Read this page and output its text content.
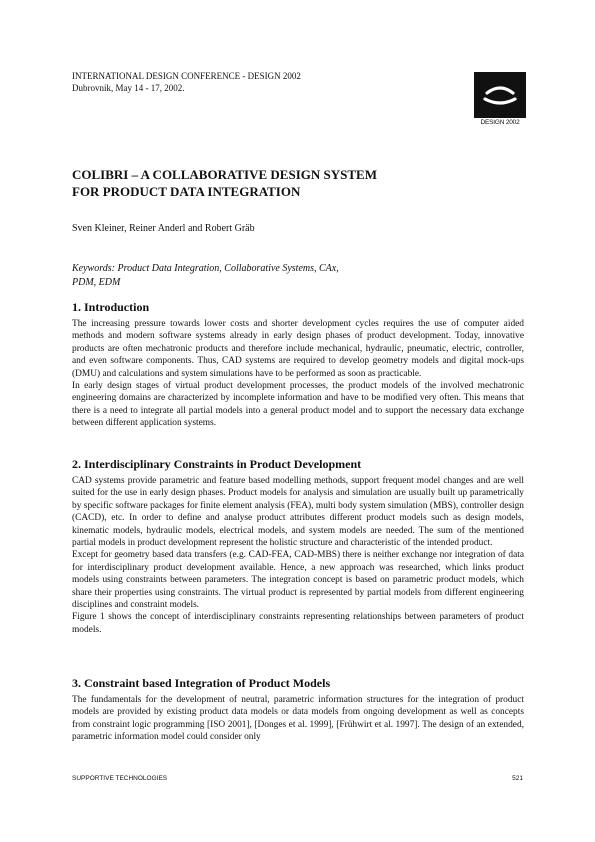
INTERNATIONAL DESIGN CONFERENCE - DESIGN 2002
Dubrovnik, May 14 - 17, 2002.
DESIGN 2002
COLIBRI – A COLLABORATIVE DESIGN SYSTEM
FOR PRODUCT DATA INTEGRATION
Sven Kleiner, Reiner Anderl and Robert Gräb
Keywords: Product Data Integration, Collaborative Systems, CAx,
PDM, EDM
1. Introduction

The increasing pressure towards lower costs and shorter development cycles requires the use of computer aided methods and modern software systems already in early design phases of product development. Today, innovative products are often mechatronic products and therefore include mechanical, hydraulic, pneumatic, electric, controller, and even software components. Thus, CAD systems are required to develop geometry models and digital mock-ups (DMU) and calculations and system simulations have to be performed as soon as practicable.

In early design stages of virtual product development processes, the product models of the involved mechatronic engineering domains are characterized by incomplete information and have to be modified very often. This means that there is a need to integrate all partial models into a general product model and to support the necessary data exchange between different application systems.

2. Interdisciplinary Constraints in Product Development

CAD systems provide parametric and feature based modelling methods, support frequent model changes and are well suited for the use in early design phases. Product models for analysis and simulation are usually built up parametrically by specific software packages for finite element analysis (FEA), multi body system simulation (MBS), controller design (CACD), etc. In order to define and analyse product attributes different product models such as design models, kinematic models, hydraulic models, electrical models, and system models are needed. The sum of the mentioned partial models in product development represent the holistic structure and characteristic of the intended product.

Except for geometry based data transfers (e.g. CAD-FEA, CAD-MBS) there is neither exchange nor integration of data for interdisciplinary product development available. Hence, a new approach was researched, which links product models using constraints between parameters. The integration concept is based on parametric product models, which share their properties using constraints. The virtual product is represented by partial models from different engineering disciplines and constraint models.

Figure 1 shows the concept of interdisciplinary constraints representing relationships between parameters of product models.

3. Constraint based Integration of Product Models

The fundamentals for the development of neutral, parametric information structures for the integration of product models are provided by existing product data models or data models from ongoing development as well as concepts from constraint logic programming [ISO 2001], [Donges et al. 1999], [Frühwirt et al. 1997]. The design of an extended, parametric information model could consider only

SUPPORTIVE TECHNOLOGIES	521
